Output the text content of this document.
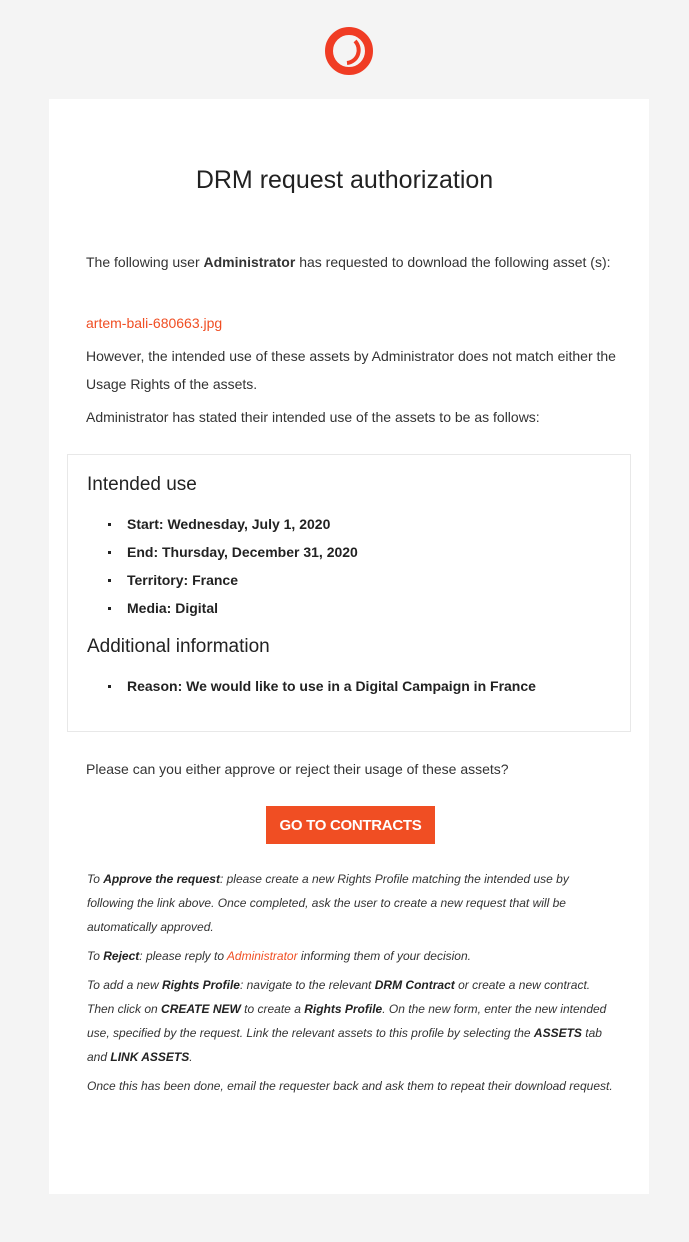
DRM request authorization
The following user Administrator has requested to download the following asset (s):
artem-bali-680663.jpg
However, the intended use of these assets by Administrator does not match either the Usage Rights of the assets.
Administrator has stated their intended use of the assets to be as follows:
Intended use
Start: Wednesday, July 1, 2020
End: Thursday, December 31, 2020
Territory: France
Media: Digital
Additional information
Reason: We would like to use in a Digital Campaign in France
Please can you either approve or reject their usage of these assets?
GO TO CONTRACTS
To Approve the request: please create a new Rights Profile matching the intended use by following the link above. Once completed, ask the user to create a new request that will be automatically approved.
To Reject: please reply to Administrator informing them of your decision.
To add a new Rights Profile: navigate to the relevant DRM Contract or create a new contract. Then click on CREATE NEW to create a Rights Profile. On the new form, enter the new intended use, specified by the request. Link the relevant assets to this profile by selecting the ASSETS tab and LINK ASSETS.
Once this has been done, email the requester back and ask them to repeat their download request.
